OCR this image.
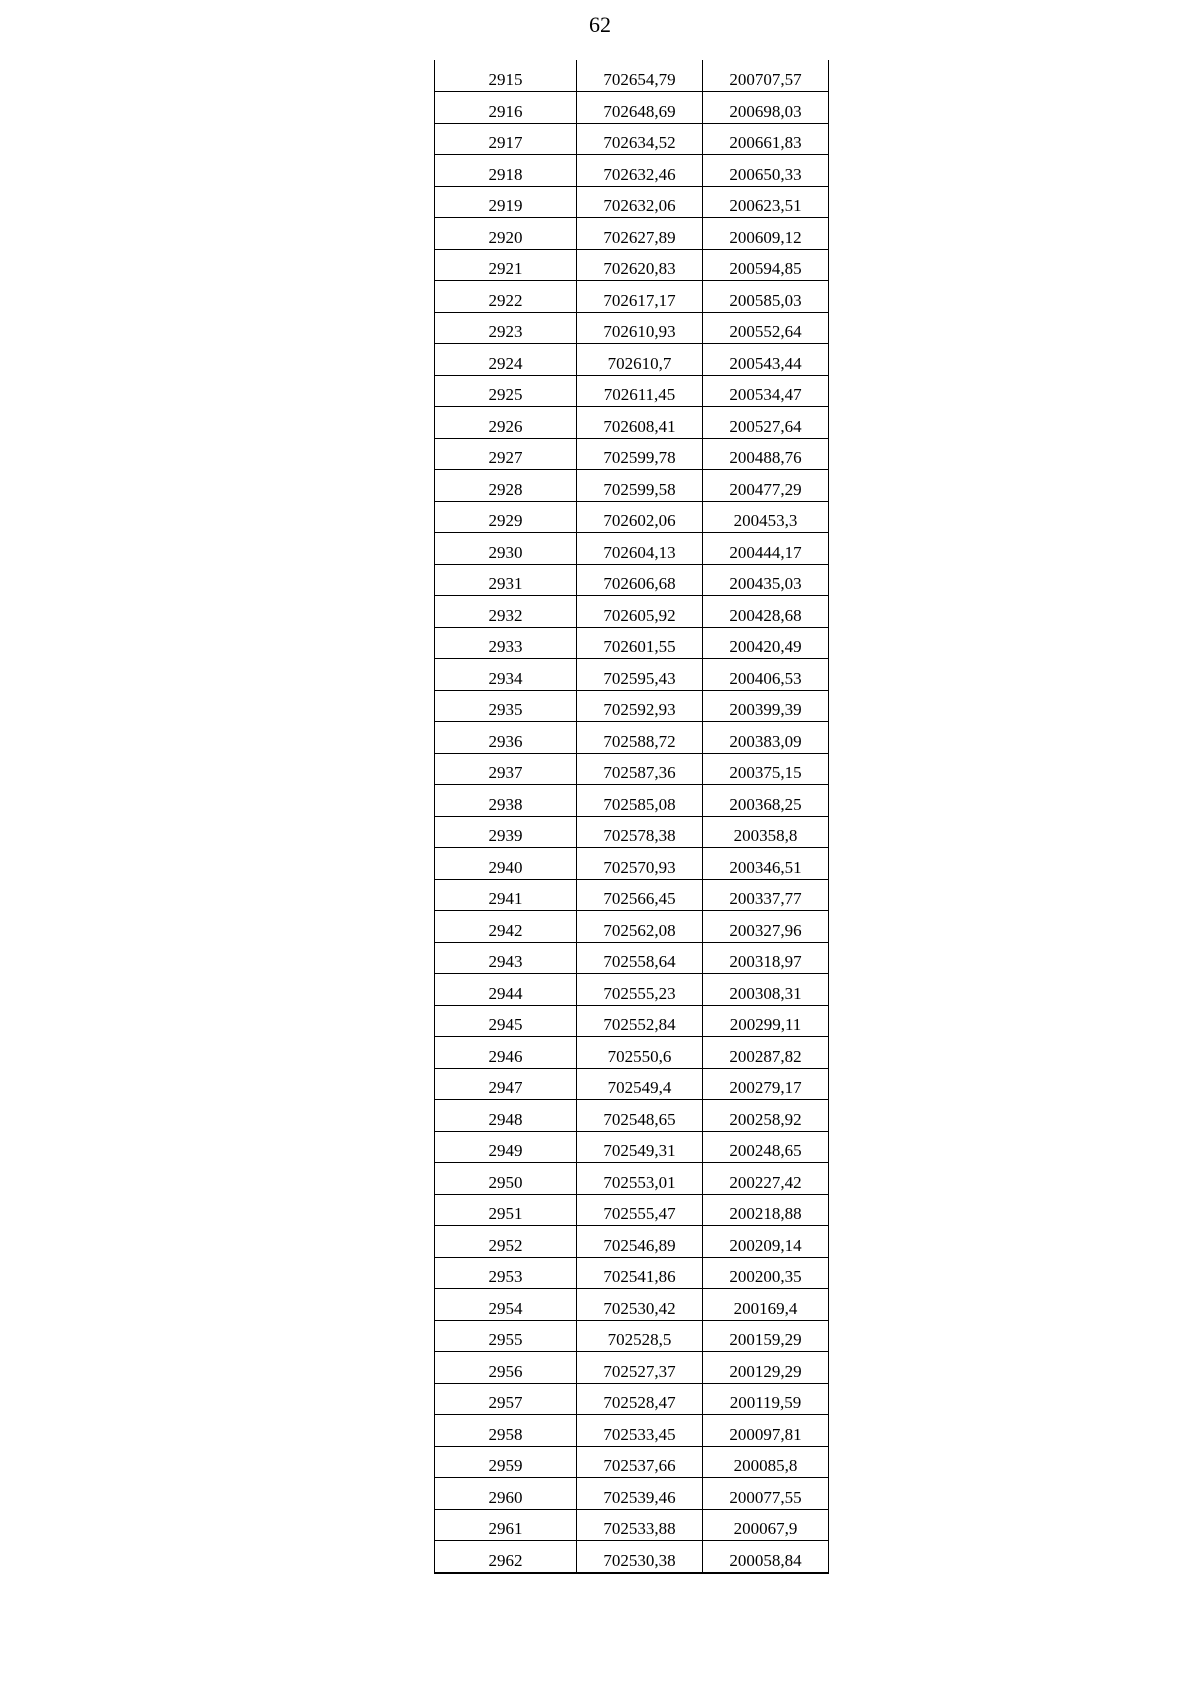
62
2915	702654,79	200707,57
2916	702648,69	200698,03
2917	702634,52	200661,83
2918	702632,46	200650,33
2919	702632,06	200623,51
2920	702627,89	200609,12
2921	702620,83	200594,85
2922	702617,17	200585,03
2923	702610,93	200552,64
2924	702610,7	200543,44
2925	702611,45	200534,47
2926	702608,41	200527,64
2927	702599,78	200488,76
2928	702599,58	200477,29
2929	702602,06	200453,3
2930	702604,13	200444,17
2931	702606,68	200435,03
2932	702605,92	200428,68
2933	702601,55	200420,49
2934	702595,43	200406,53
2935	702592,93	200399,39
2936	702588,72	200383,09
2937	702587,36	200375,15
2938	702585,08	200368,25
2939	702578,38	200358,8
2940	702570,93	200346,51
2941	702566,45	200337,77
2942	702562,08	200327,96
2943	702558,64	200318,97
2944	702555,23	200308,31
2945	702552,84	200299,11
2946	702550,6	200287,82
2947	702549,4	200279,17
2948	702548,65	200258,92
2949	702549,31	200248,65
2950	702553,01	200227,42
2951	702555,47	200218,88
2952	702546,89	200209,14
2953	702541,86	200200,35
2954	702530,42	200169,4
2955	702528,5	200159,29
2956	702527,37	200129,29
2957	702528,47	200119,59
2958	702533,45	200097,81
2959	702537,66	200085,8
2960	702539,46	200077,55
2961	702533,88	200067,9
2962	702530,38	200058,84
